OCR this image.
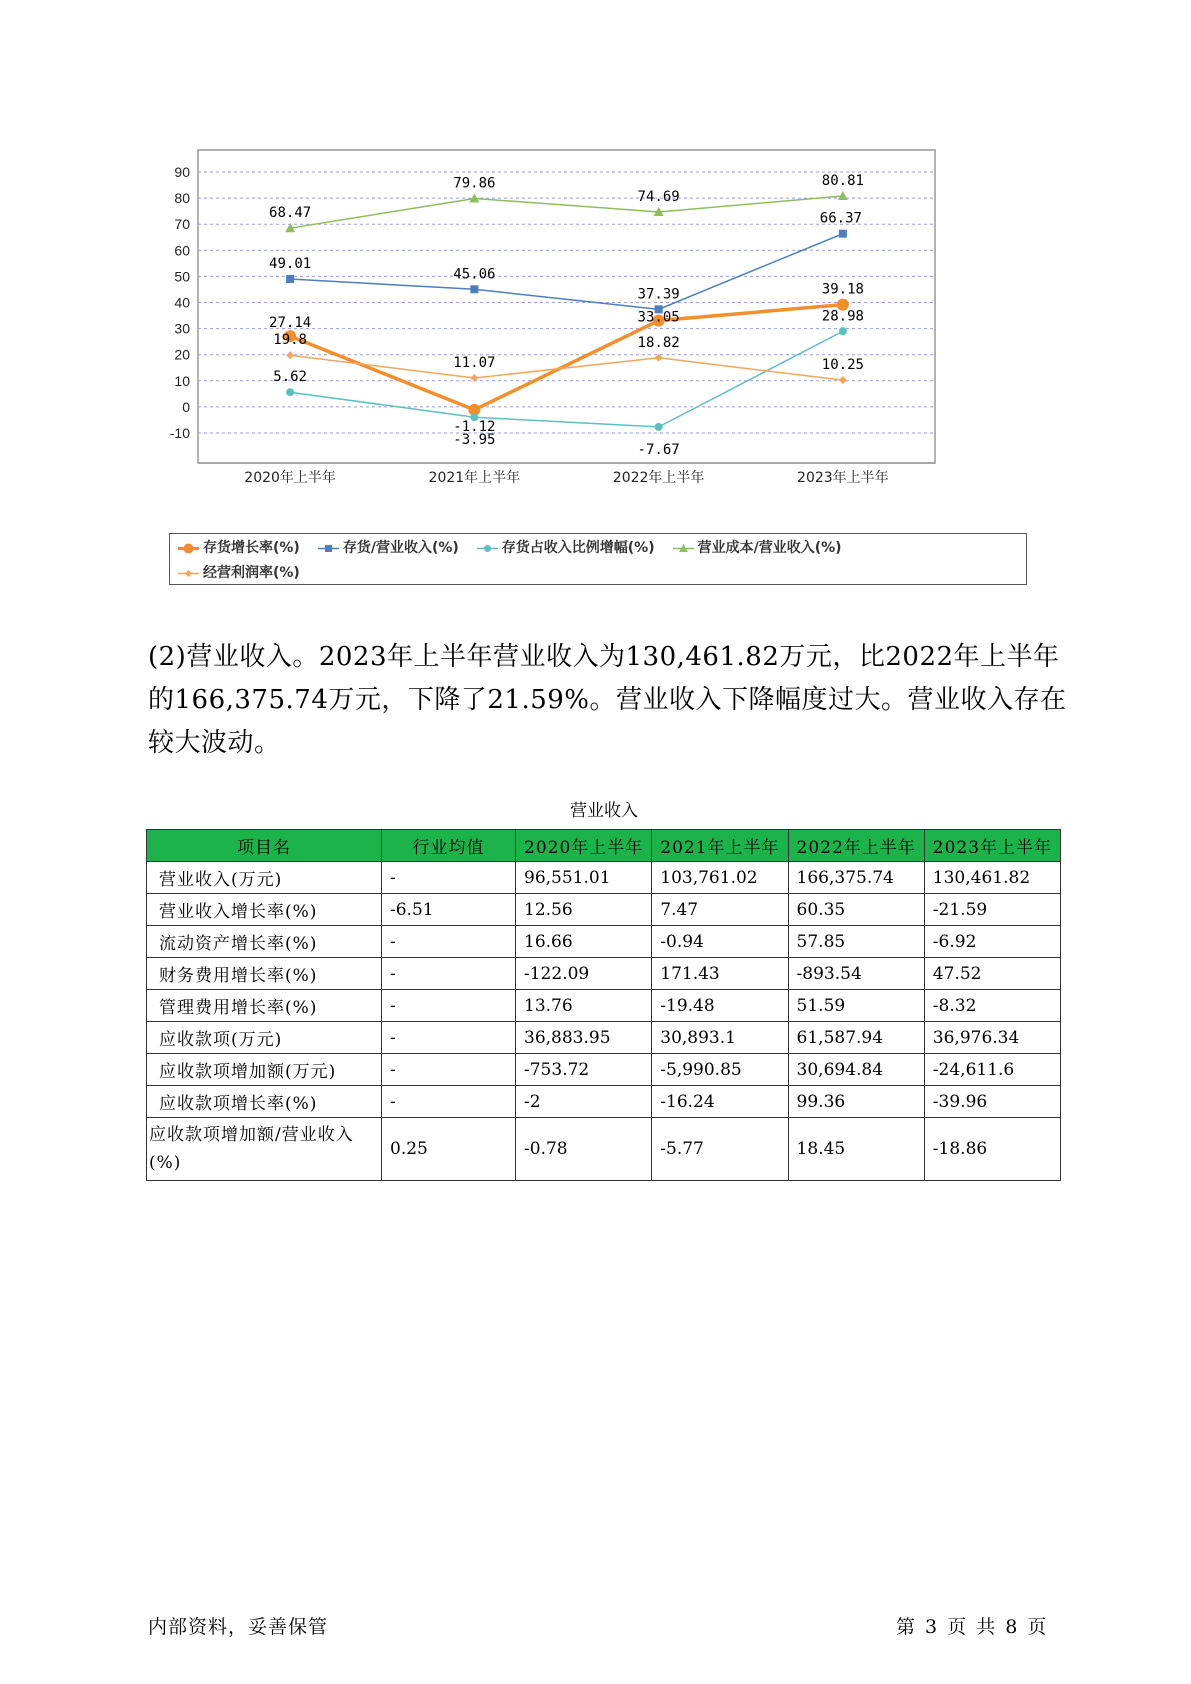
90
80
70
60
50
40
30
20
10
0
-10
2020年上半年	2021年上半年	2022年上半年	2023年上半年
27.14
-1.12
33.05
39.18
49.01
45.06
37.39
66.37
5.62
-3.95
-7.67
28.98
68.47
79.86
74.69
80.81
19.8
11.07
18.82
10.25
存货增长率(%)	存货/营业收入(%)	存货占收入比例增幅(%)	营业成本/营业收入(%)

经营利润率(%)

(2)营业收入。2023年上半年营业收入为130,461.82万元，比2022年上半年的166,375.74万元，下降了21.59%。营业收入下降幅度过大。营业收入存在较大波动。

营业收入
项目名	行业均值	2020年上半年	2021年上半年	2022年上半年	2023年上半年
营业收入(万元)	-	96,551.01	103,761.02	166,375.74	130,461.82
营业收入增长率(%)	-6.51	12.56	7.47	60.35	-21.59
流动资产增长率(%)	-	16.66	-0.94	57.85	-6.92
财务费用增长率(%)	-	-122.09	171.43	-893.54	47.52
管理费用增长率(%)	-	13.76	-19.48	51.59	-8.32
应收款项(万元)	-	36,883.95	30,893.1	61,587.94	36,976.34
应收款项增加额(万元)	-	-753.72	-5,990.85	30,694.84	-24,611.6
应收款项增长率(%)	-	-2	-16.24	99.36	-39.96
应收款项增加额/营业收入(%)	0.25	-0.78	-5.77	18.45	-18.86
内部资料，妥善保管	第 3 页 共 8 页
